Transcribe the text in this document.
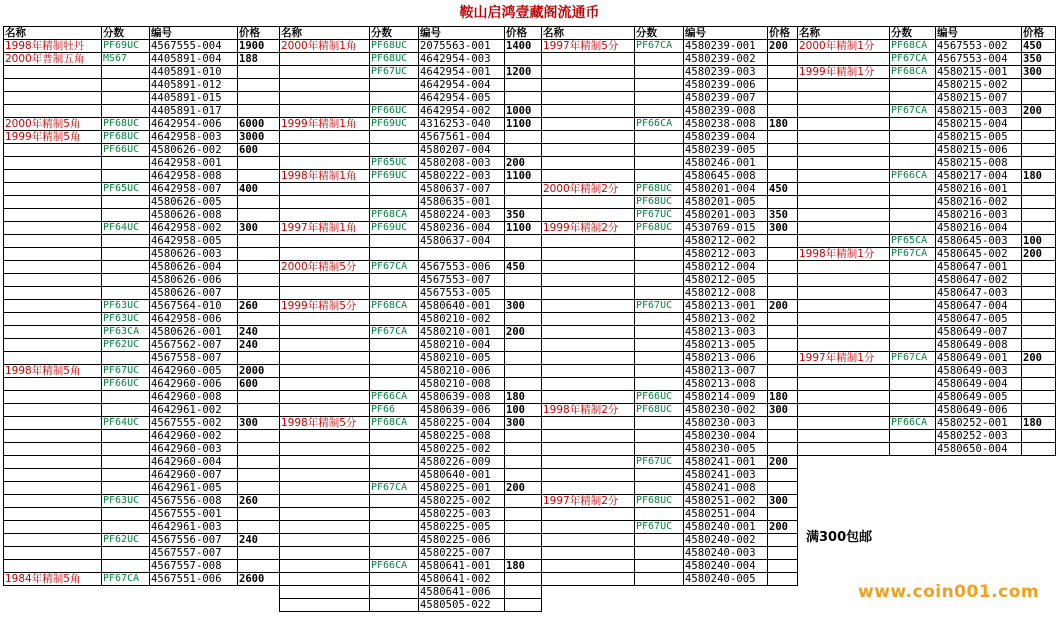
鞍山启鸿壹藏阁流通币
名称	分数	编号	价格
1998年精制牡丹	PF69UC	4567555-004	1900
2000年普制五角	MS67	4405891-004	188
		4405891-010	
		4405891-012	
		4405891-015	
		4405891-017	
2000年精制5角	PF68UC	4642954-006	6000
1999年精制5角	PF68UC	4642958-003	3000
	PF66UC	4580626-002	600
		4642958-001	
		4642958-008	
	PF65UC	4642958-007	400
		4580626-005	
		4580626-008	
	PF64UC	4642958-002	300
		4642958-005	
		4580626-003	
		4580626-004	
		4580626-006	
		4580626-007	
	PF63UC	4567564-010	260
	PF63UC	4642958-006	
	PF63CA	4580626-001	240
	PF62UC	4567562-007	240
		4567558-007	
1998年精制5角	PF67UC	4642960-005	2000
	PF66UC	4642960-006	600
		4642960-008	
		4642961-002	
	PF64UC	4567555-002	300
		4642960-002	
		4642960-003	
		4642960-004	
		4642960-007	
		4642961-005	
	PF63UC	4567556-008	260
		4567555-001	
		4642961-003	
	PF62UC	4567556-007	240
		4567557-007	
		4567557-008	
1984年精制5角	PF67CA	4567551-006	2600
名称	分数	编号	价格
2000年精制1角	PF68UC	2075563-001	1400
	PF68UC	4642954-003	
	PF67UC	4642954-001	1200
		4642954-004	
		4642954-005	
	PF66UC	4642954-002	1000
1999年精制1角	PF69UC	4316253-040	1100
		4567561-004	
		4580207-004	
	PF65UC	4580208-003	200
1998年精制1角	PF69UC	4580222-003	1100
		4580637-007	
		4580635-001	
	PF68CA	4580224-003	350
1997年精制1角	PF69UC	4580236-004	1100
		4580637-004	

2000年精制5分	PF67CA	4567553-006	450
		4567553-007	
		4567553-005	
1999年精制5分	PF68CA	4580640-001	300
		4580210-002	
	PF67CA	4580210-001	200
		4580210-004	
		4580210-005	
		4580210-006	
		4580210-008	
	PF66CA	4580639-008	180
	PF66	4580639-006	100
1998年精制5分	PF68CA	4580225-004	300
		4580225-008	
		4580225-002	
		4580226-009	
		4580640-001	
	PF67CA	4580225-001	200
		4580225-002	
		4580225-003	
		4580225-005	
		4580225-006	
		4580225-007	
	PF66CA	4580641-001	180
		4580641-002	
		4580641-006	
		4580505-022	
名称	分数	编号	价格
1997年精制5分	PF67CA	4580239-001	200
		4580239-002	
		4580239-003	
		4580239-006	
		4580239-007	
		4580239-008	
	PF66CA	4580238-008	180
		4580239-004	
		4580239-005	
		4580246-001	
		4580645-008	
2000年精制2分	PF68UC	4580201-004	450
	PF68UC	4580201-005	
	PF67UC	4580201-003	350
1999年精制2分	PF68UC	4530769-015	300
		4580212-002	
		4580212-003	
		4580212-004	
		4580212-005	
		4580212-008	
	PF67UC	4580213-001	200
		4580213-002	
		4580213-003	
		4580213-005	
		4580213-006	
		4580213-007	
		4580213-008	
	PF66UC	4580214-009	180
1998年精制2分	PF68UC	4580230-002	300
		4580230-003	
		4580230-004	
		4580230-005	
	PF67UC	4580241-001	200
		4580241-003	
		4580241-008	
1997年精制2分	PF68UC	4580251-002	300
		4580251-004	
	PF67UC	4580240-001	200
		4580240-002	
		4580240-003	
		4580240-004	
		4580240-005	
名称	分数	编号	价格
2000年精制1分	PF68CA	4567553-002	450
	PF67CA	4567553-004	350
1999年精制1分	PF68CA	4580215-001	300
		4580215-002	
		4580215-007	
	PF67CA	4580215-003	200
		4580215-004	
		4580215-005	
		4580215-006	
		4580215-008	
	PF66CA	4580217-004	180
		4580216-001	
		4580216-002	
		4580216-003	
		4580216-004	
	PF65CA	4580645-003	100
1998年精制1分	PF67CA	4580645-002	200
		4580647-001	
		4580647-002	
		4580647-003	
		4580647-004	
		4580647-005	
		4580649-007	
		4580649-008	
1997年精制1分	PF67CA	4580649-001	200
		4580649-003	
		4580649-004	
		4580649-005	
		4580649-006	
	PF66CA	4580252-001	180
		4580252-003	
		4580650-004	
满300包邮
www.coin001.com
